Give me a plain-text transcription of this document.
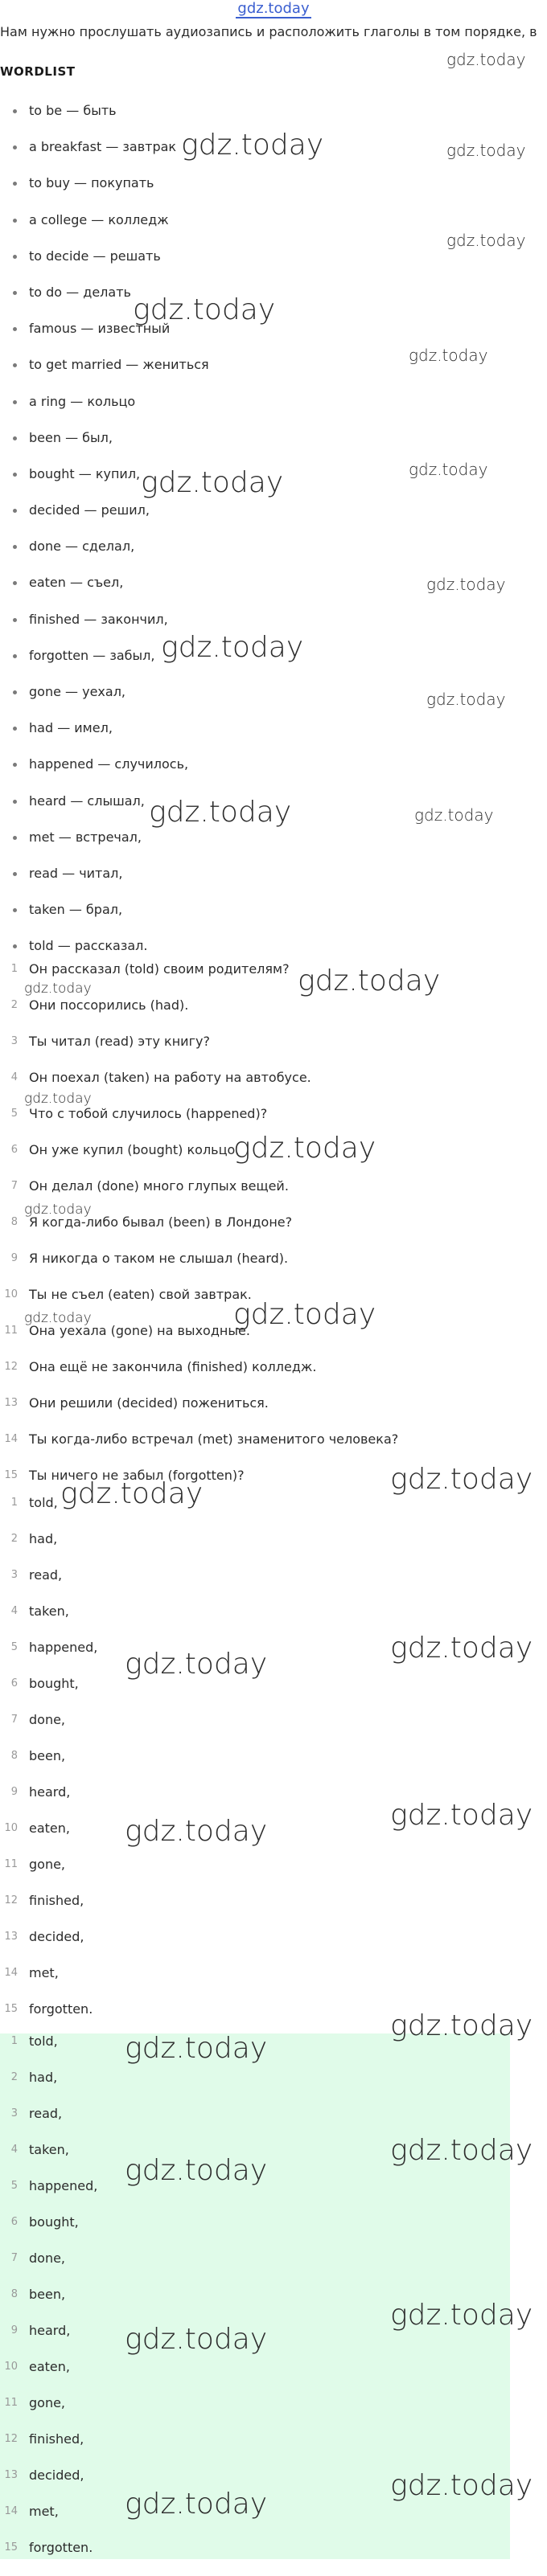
gdz.today
Нам нужно прослушать аудиозапись и расположить глаголы в том порядке, в
WORDLIST
to be — быть
a breakfast — завтрак
to buy — покупать
a college — колледж
to decide — решать
to do — делать
famous — известный
to get married — жениться
a ring — кольцо
been — был,
bought — купил,
decided — решил,
done — сделал,
eaten — съел,
finished — закончил,
forgotten — забыл,
gone — уехал,
had — имел,
happened — случилось,
heard — слышал,
met — встречал,
read — читал,
taken — брал,
told — рассказал.
1 Он рассказал (told) своим родителям?
2 Они поссорились (had).
3 Ты читал (read) эту книгу?
4 Он поехал (taken) на работу на автобусе.
5 Что с тобой случилось (happened)?
6 Он уже купил (bought) кольцо.
7 Он делал (done) много глупых вещей.
8 Я когда-либо бывал (been) в Лондоне?
9 Я никогда о таком не слышал (heard).
10 Ты не съел (eaten) свой завтрак.
11 Она уехала (gone) на выходные.
12 Она ещё не закончила (finished) колледж.
13 Они решили (decided) пожениться.
14 Ты когда-либо встречал (met) знаменитого человека?
15 Ты ничего не забыл (forgotten)?
1 told,
2 had,
3 read,
4 taken,
5 happened,
6 bought,
7 done,
8 been,
9 heard,
10 eaten,
11 gone,
12 finished,
13 decided,
14 met,
15 forgotten.
1 told,
2 had,
3 read,
4 taken,
5 happened,
6 bought,
7 done,
8 been,
9 heard,
10 eaten,
11 gone,
12 finished,
13 decided,
14 met,
15 forgotten.
gdz.today
gdz.today	gdz.today
gdz.today
gdz.today
gdz.today
gdz.today	gdz.today
gdz.today
gdz.today
gdz.today
gdz.today	gdz.today
gdz.today
gdz.today
gdz.today
gdz.today
gdz.today
gdz.today
gdz.today
gdz.today
gdz.today
gdz.today	gdz.today
gdz.today	gdz.today
gdz.today
gdz.today
gdz.today
gdz.today
gdz.today
gdz.today
gdz.today
gdz.today
